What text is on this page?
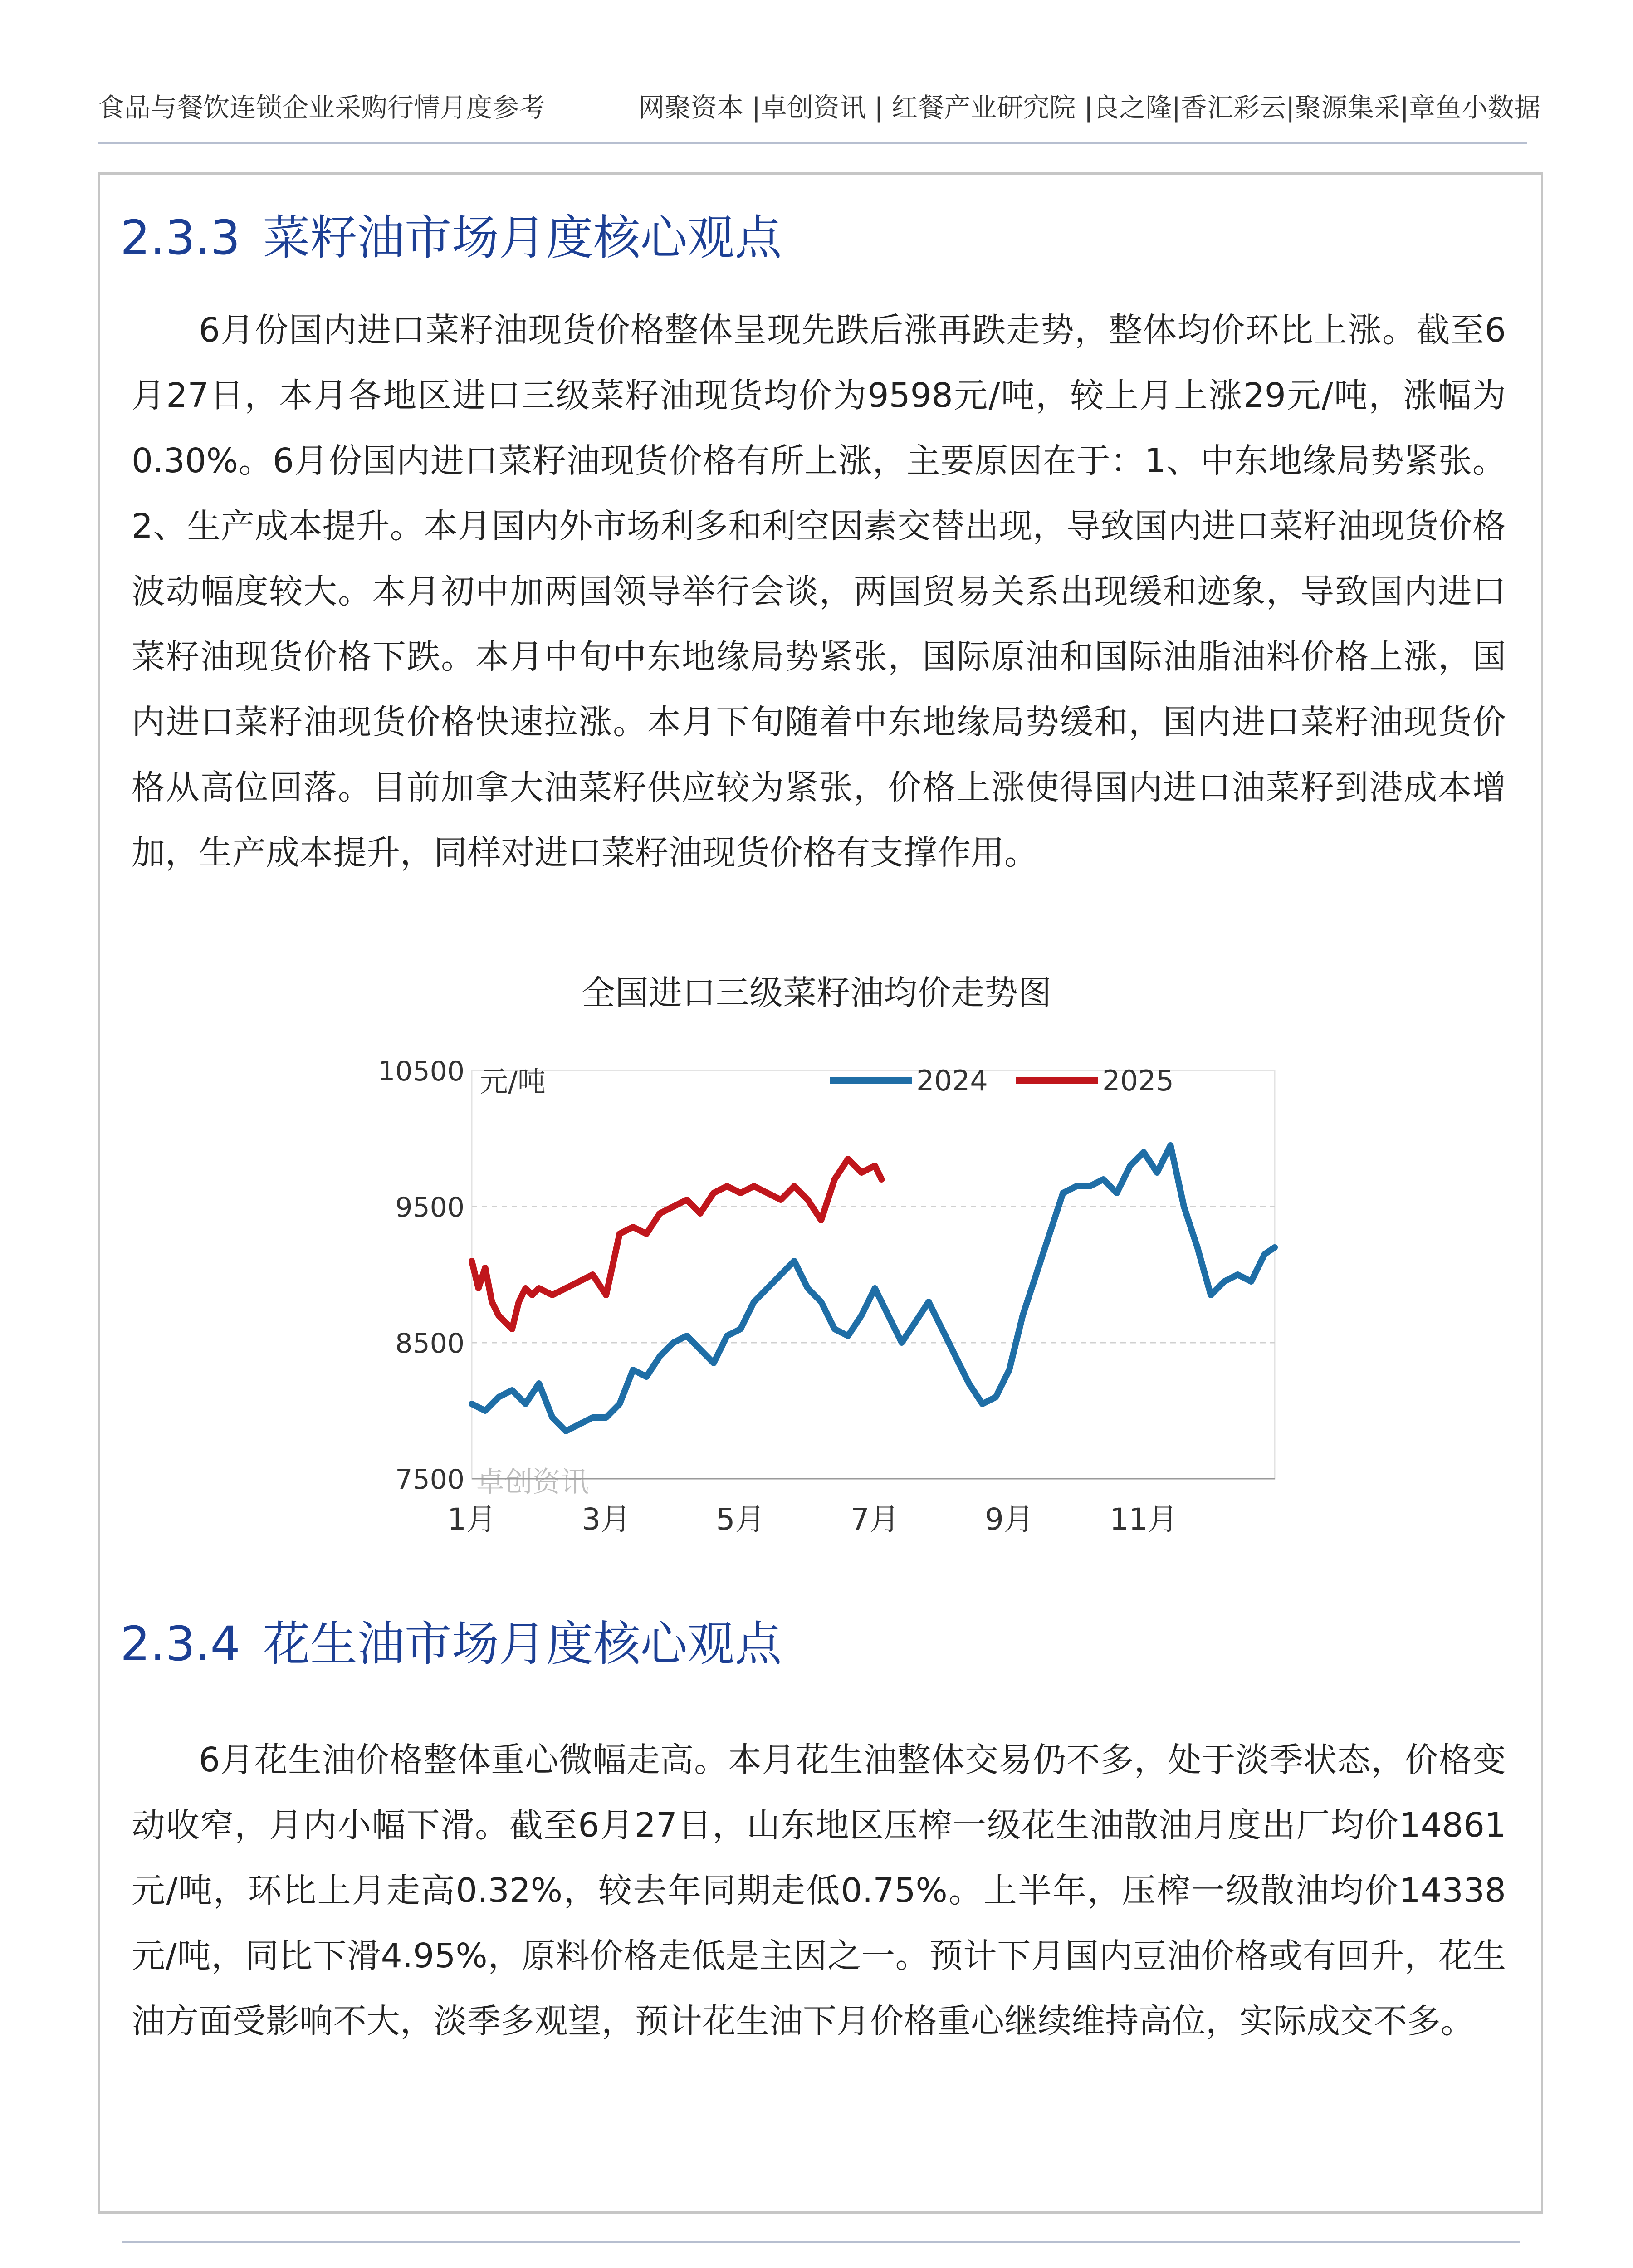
食品与餐饮连锁企业采购行情月度参考	网聚资本 |卓创资讯 | 红餐产业研究院 |良之隆|香汇彩云|聚源集采|章鱼小数据
2.3.3 菜籽油市场月度核心观点

6月份国内进口菜籽油现货价格整体呈现先跌后涨再跌走势，整体均价环比上涨。截至6月27日，本月各地区进口三级菜籽油现货均价为9598元/吨，较上月上涨29元/吨，涨幅为0.30%。6月份国内进口菜籽油现货价格有所上涨，主要原因在于：1、中东地缘局势紧张。2、生产成本提升。本月国内外市场利多和利空因素交替出现，导致国内进口菜籽油现货价格波动幅度较大。本月初中加两国领导举行会谈，两国贸易关系出现缓和迹象，导致国内进口菜籽油现货价格下跌。本月中旬中东地缘局势紧张，国际原油和国际油脂油料价格上涨，国内进口菜籽油现货价格快速拉涨。本月下旬随着中东地缘局势缓和，国内进口菜籽油现货价格从高位回落。目前加拿大油菜籽供应较为紧张，价格上涨使得国内进口油菜籽到港成本增加，生产成本提升，同样对进口菜籽油现货价格有支撑作用。

全国进口三级菜籽油均价走势图
卓创资讯
7500
8500
9500
10500
1月	3月	5月	7月	9月	11月
元/吨	2024	2025
2.3.4 花生油市场月度核心观点

6月花生油价格整体重心微幅走高。本月花生油整体交易仍不多，处于淡季状态，价格变动收窄，月内小幅下滑。截至6月27日，山东地区压榨一级花生油散油月度出厂均价14861元/吨，环比上月走高0.32%，较去年同期走低0.75%。上半年，压榨一级散油均价14338元/吨，同比下滑4.95%，原料价格走低是主因之一。预计下月国内豆油价格或有回升，花生油方面受影响不大，淡季多观望，预计花生油下月价格重心继续维持高位，实际成交不多。
